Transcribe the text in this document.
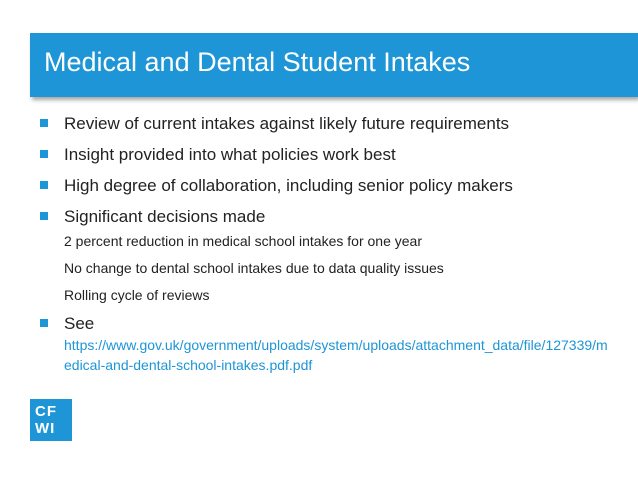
Medical and Dental Student Intakes
Review of current intakes against likely future requirements
Insight provided into what policies work best
High degree of collaboration, including senior policy makers
Significant decisions made
2 percent reduction in medical school intakes for one year
No change to dental school intakes due to data quality issues
Rolling cycle of reviews
See
https://www.gov.uk/government/uploads/system/uploads/attachment_data/file/127339/medical-and-dental-school-intakes.pdf.pdf
CF
WI
